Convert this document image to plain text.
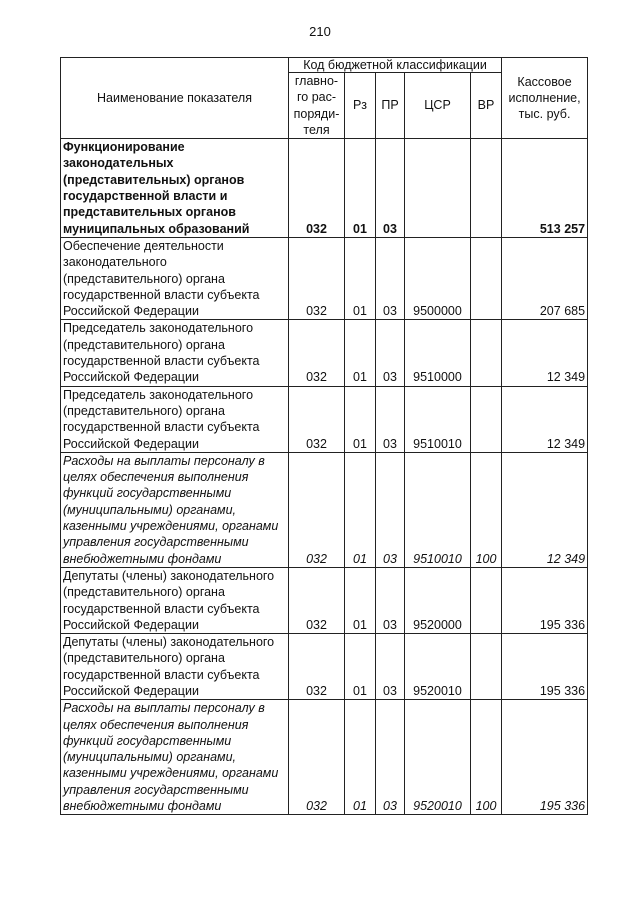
210
Наименование показателя	Код бюджетной классификации					Кассовое исполнение, тыс. руб.
	главно-го рас-поряди-теля	Рз	ПР	ЦСР	ВР	
Функционирование законодательных (представительных) органов государственной власти и представительных органов муниципальных образований	032	01	03			513 257
Обеспечение деятельности законодательного (представительного) органа государственной власти субъекта Российской Федерации	032	01	03	9500000		207 685
Председатель законодательного (представительного) органа государственной власти субъекта Российской Федерации	032	01	03	9510000		12 349
Председатель законодательного (представительного) органа государственной власти субъекта Российской Федерации	032	01	03	9510010		12 349
Расходы на выплаты персоналу в целях обеспечения выполнения функций государственными (муниципальными) органами, казенными учреждениями, органами управления государственными внебюджетными фондами	032	01	03	9510010	100	12 349
Депутаты (члены) законодательного (представительного) органа государственной власти субъекта Российской Федерации	032	01	03	9520000		195 336
Депутаты (члены) законодательного (представительного) органа государственной власти субъекта Российской Федерации	032	01	03	9520010		195 336
Расходы на выплаты персоналу в целях обеспечения выполнения функций государственными (муниципальными) органами, казенными учреждениями, органами управления государственными внебюджетными фондами	032	01	03	9520010	100	195 336
